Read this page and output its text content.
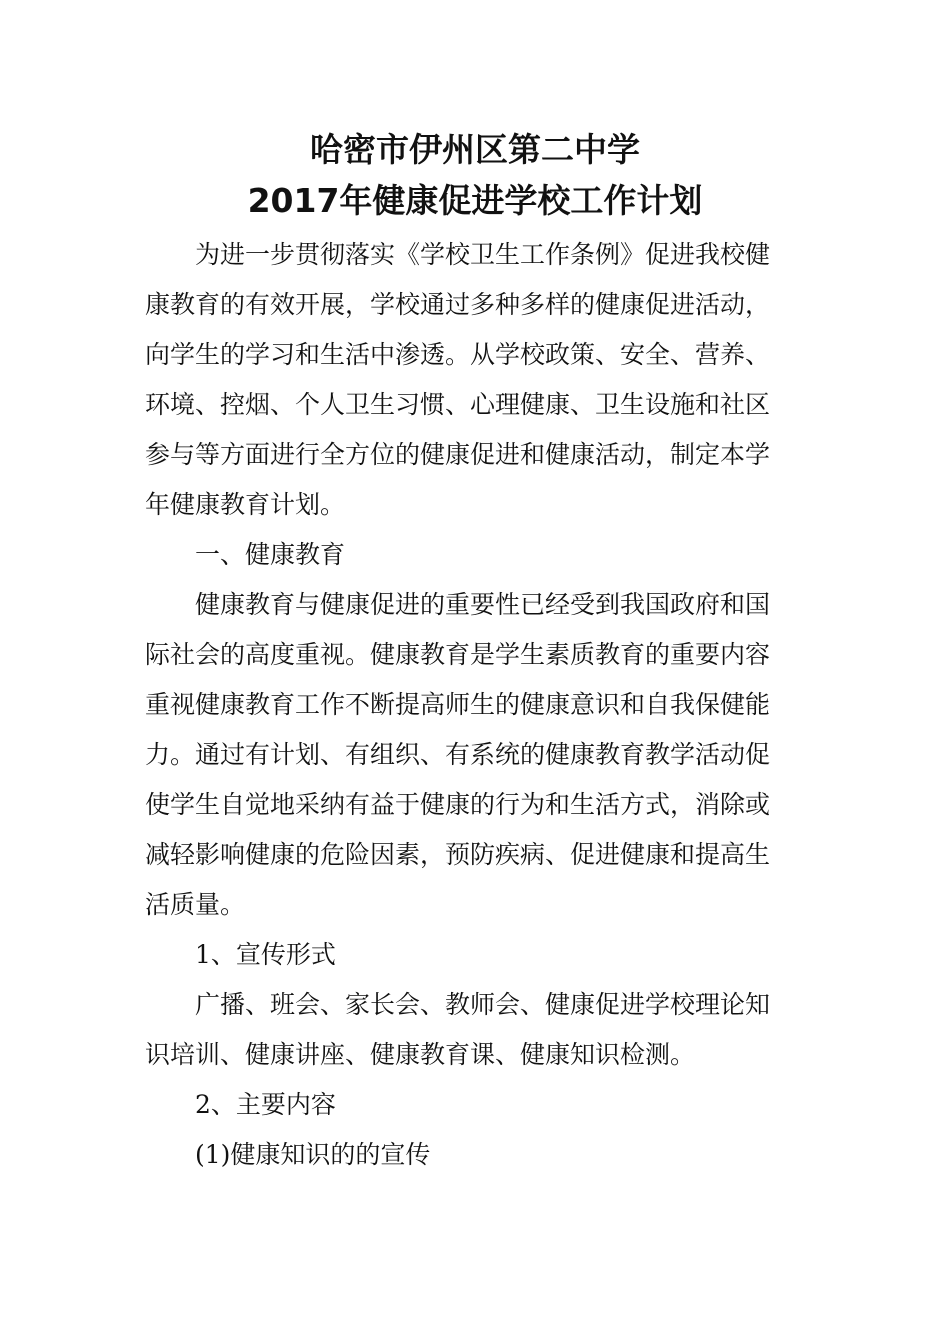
哈密市伊州区第二中学
2017年健康促进学校工作计划
为进一步贯彻落实《学校卫生工作条例》促进我校健
康教育的有效开展，学校通过多种多样的健康促进活动，
向学生的学习和生活中渗透。从学校政策、安全、营养、
环境、控烟、个人卫生习惯、心理健康、卫生设施和社区
参与等方面进行全方位的健康促进和健康活动，制定本学
年健康教育计划。
一、健康教育
健康教育与健康促进的重要性已经受到我国政府和国
际社会的高度重视。健康教育是学生素质教育的重要内容
重视健康教育工作不断提高师生的健康意识和自我保健能
力。通过有计划、有组织、有系统的健康教育教学活动促
使学生自觉地采纳有益于健康的行为和生活方式，消除或
减轻影响健康的危险因素，预防疾病、促进健康和提高生
活质量。
1、宣传形式
广播、班会、家长会、教师会、健康促进学校理论知
识培训、健康讲座、健康教育课、健康知识检测。
2、主要内容
(1)健康知识的的宣传
